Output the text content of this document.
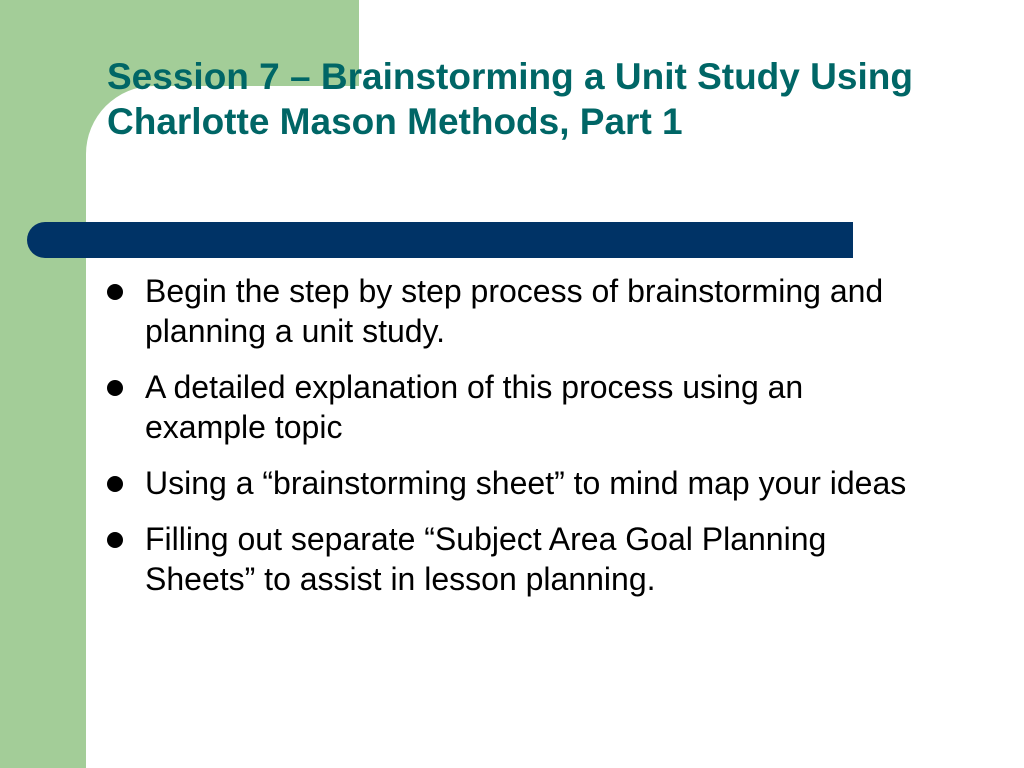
Session 7 – Brainstorming a Unit Study Using Charlotte Mason Methods, Part 1
Begin the step by step process of brainstorming and planning a unit study.
A detailed explanation of this process using an example topic
Using a “brainstorming sheet” to mind map your ideas
Filling out separate “Subject Area Goal Planning Sheets” to assist in lesson planning.
